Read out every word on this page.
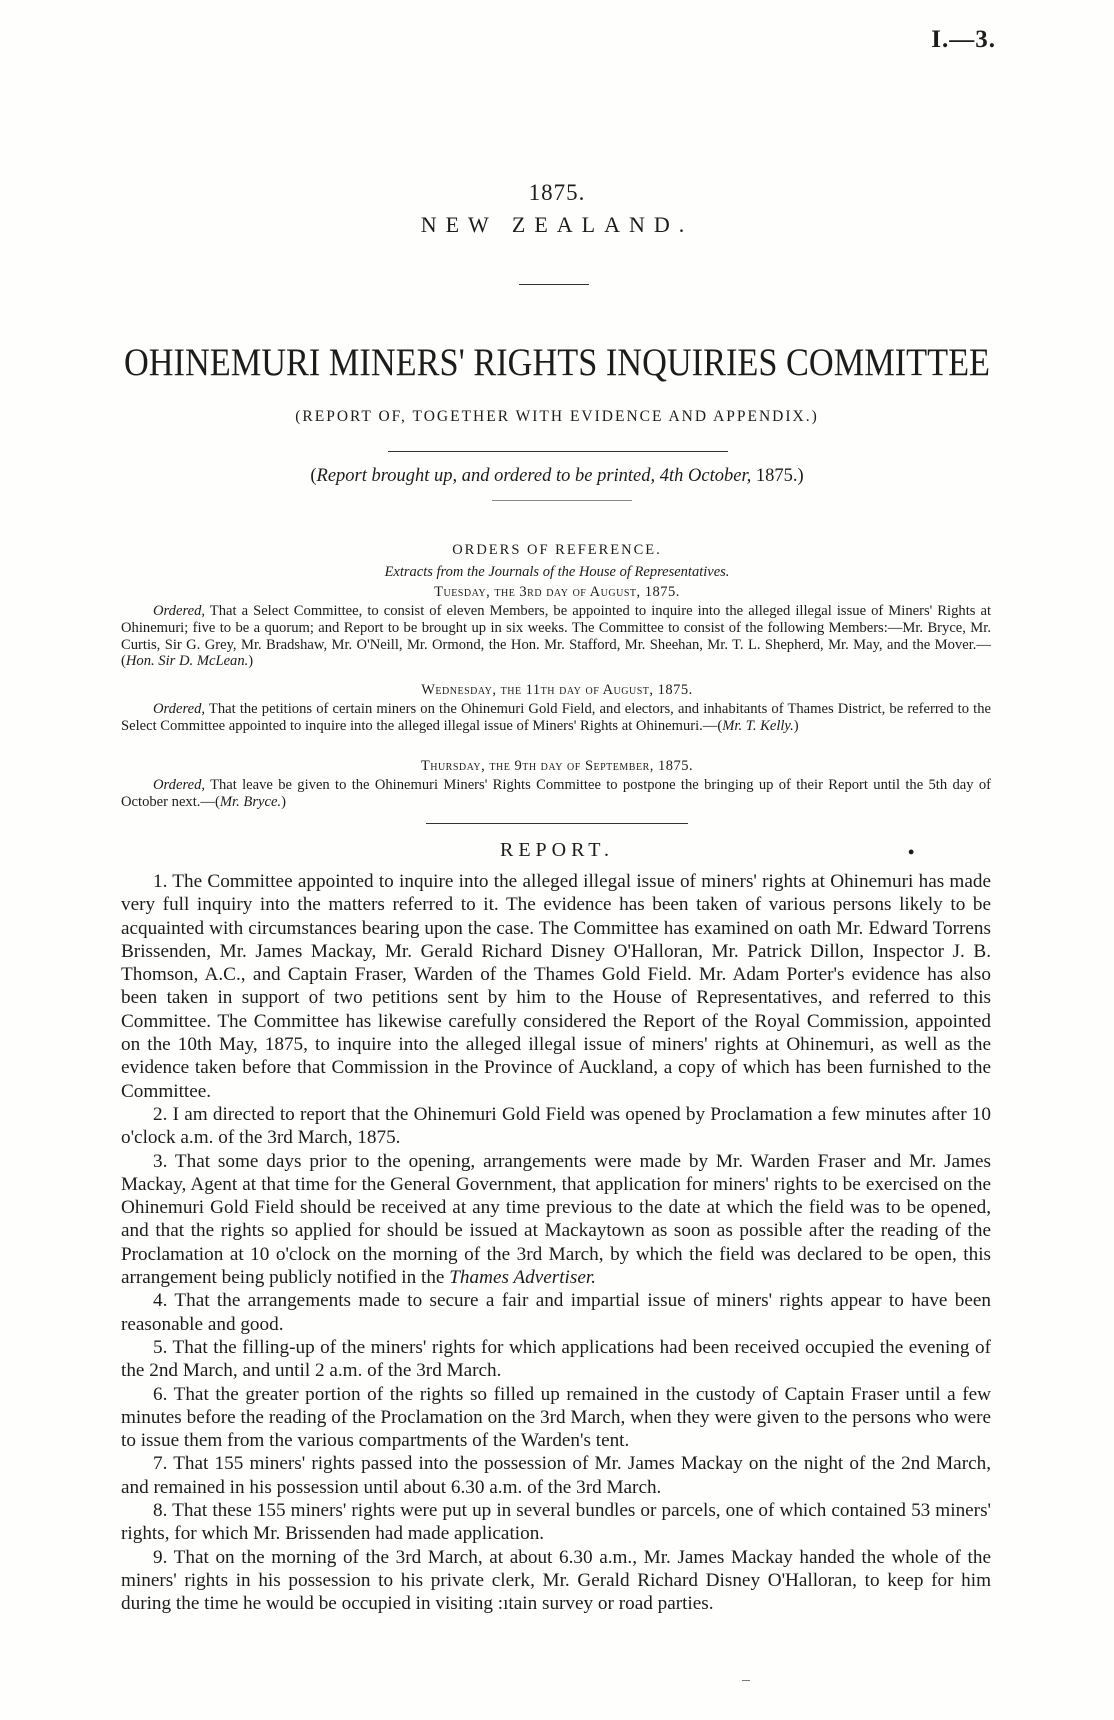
I.—3.
1875.
NEW ZEALAND.
OHINEMURI MINERS' RIGHTS INQUIRIES COMMITTEE
(REPORT OF, TOGETHER WITH EVIDENCE AND APPENDIX.)
(Report brought up, and ordered to be printed, 4th October, 1875.)
ORDERS OF REFERENCE.
Extracts from the Journals of the House of Representatives.
Tuesday, the 3rd day of August, 1875.
Ordered, That a Select Committee, to consist of eleven Members, be appointed to inquire into the alleged illegal issue of Miners' Rights at Ohinemuri; five to be a quorum; and Report to be brought up in six weeks. The Committee to consist of the following Members:—Mr. Bryce, Mr. Curtis, Sir G. Grey, Mr. Bradshaw, Mr. O'Neill, Mr. Ormond, the Hon. Mr. Stafford, Mr. Sheehan, Mr. T. L. Shepherd, Mr. May, and the Mover.—(Hon. Sir D. McLean.)
Wednesday, the 11th day of August, 1875.
Ordered, That the petitions of certain miners on the Ohinemuri Gold Field, and electors, and inhabitants of Thames District, be referred to the Select Committee appointed to inquire into the alleged illegal issue of Miners' Rights at Ohinemuri.—(Mr. T. Kelly.)
Thursday, the 9th day of September, 1875.
Ordered, That leave be given to the Ohinemuri Miners' Rights Committee to postpone the bringing up of their Report until the 5th day of October next.—(Mr. Bryce.)
REPORT.	•

1. The Committee appointed to inquire into the alleged illegal issue of miners' rights at Ohinemuri has made very full inquiry into the matters referred to it. The evidence has been taken of various persons likely to be acquainted with circumstances bearing upon the case. The Committee has examined on oath Mr. Edward Torrens Brissenden, Mr. James Mackay, Mr. Gerald Richard Disney O'Halloran, Mr. Patrick Dillon, Inspector J. B. Thomson, A.C., and Captain Fraser, Warden of the Thames Gold Field. Mr. Adam Porter's evidence has also been taken in support of two petitions sent by him to the House of Representatives, and referred to this Committee. The Committee has likewise carefully considered the Report of the Royal Commission, appointed on the 10th May, 1875, to inquire into the alleged illegal issue of miners' rights at Ohinemuri, as well as the evidence taken before that Commission in the Province of Auckland, a copy of which has been furnished to the Committee.

2. I am directed to report that the Ohinemuri Gold Field was opened by Proclamation a few minutes after 10 o'clock a.m. of the 3rd March, 1875.

3. That some days prior to the opening, arrangements were made by Mr. Warden Fraser and Mr. James Mackay, Agent at that time for the General Government, that application for miners' rights to be exercised on the Ohinemuri Gold Field should be received at any time previous to the date at which the field was to be opened, and that the rights so applied for should be issued at Mackaytown as soon as possible after the reading of the Proclamation at 10 o'clock on the morning of the 3rd March, by which the field was declared to be open, this arrangement being publicly notified in the Thames Advertiser.

4. That the arrangements made to secure a fair and impartial issue of miners' rights appear to have been reasonable and good.

5. That the filling-up of the miners' rights for which applications had been received occupied the evening of the 2nd March, and until 2 a.m. of the 3rd March.

6. That the greater portion of the rights so filled up remained in the custody of Captain Fraser until a few minutes before the reading of the Proclamation on the 3rd March, when they were given to the persons who were to issue them from the various compartments of the Warden's tent.

7. That 155 miners' rights passed into the possession of Mr. James Mackay on the night of the 2nd March, and remained in his possession until about 6.30 a.m. of the 3rd March.

8. That these 155 miners' rights were put up in several bundles or parcels, one of which contained 53 miners' rights, for which Mr. Brissenden had made application.

9. That on the morning of the 3rd March, at about 6.30 a.m., Mr. James Mackay handed the whole of the miners' rights in his possession to his private clerk, Mr. Gerald Richard Disney O'Halloran, to keep for him during the time he would be occupied in visiting :ıtain survey or road parties.
